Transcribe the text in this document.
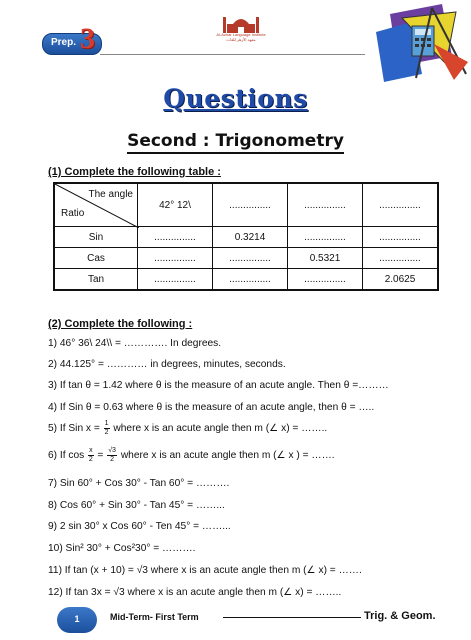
Prep. 3	Al-Azhar Language Institute
معهد الأزهر للغات
Questions
Second : Trigonometry
(1) Complete the following table :
The angle
Ratio	42° 12\	...............	...............	...............
Sin	...............	0.3214	...............	...............
Cas	...............	...............	0.5321	...............
Tan	...............	...............	...............	2.0625
(2) Complete the following :
1) 46° 36\ 24\\ = …………. In degrees.
2) 44.125° = ………… in degrees, minutes, seconds.
3) If tan θ = 1.42 where θ is the measure of an acute angle. Then θ =………
4) If Sin θ = 0.63 where θ is the measure of an acute angle, then θ = …..
5) If Sin $x = \frac{1}{2}$ where x is an acute angle then m (∠ x) = ……..
6) If $\cos \frac{x}{2} = \frac{√3}{2}$ where x is an acute angle then m (∠ x ) = …….
7) Sin 60° + Cos 30° - Tan 60° = ……….
8) Cos 60° + Sin 30° - Tan 45° = ……...
9) 2 sin 30° x Cos 60° - Ten 45° = ……...
10) Sin² 30° + Cos²30° = ……….
11) If tan (x + 10) = √3 where x is an acute angle then m (∠ x) = …….
12) If tan 3x = √3 where x is an acute angle then m (∠ x) = ……..
1	Mid-Term- First Term	Trig. & Geom.
